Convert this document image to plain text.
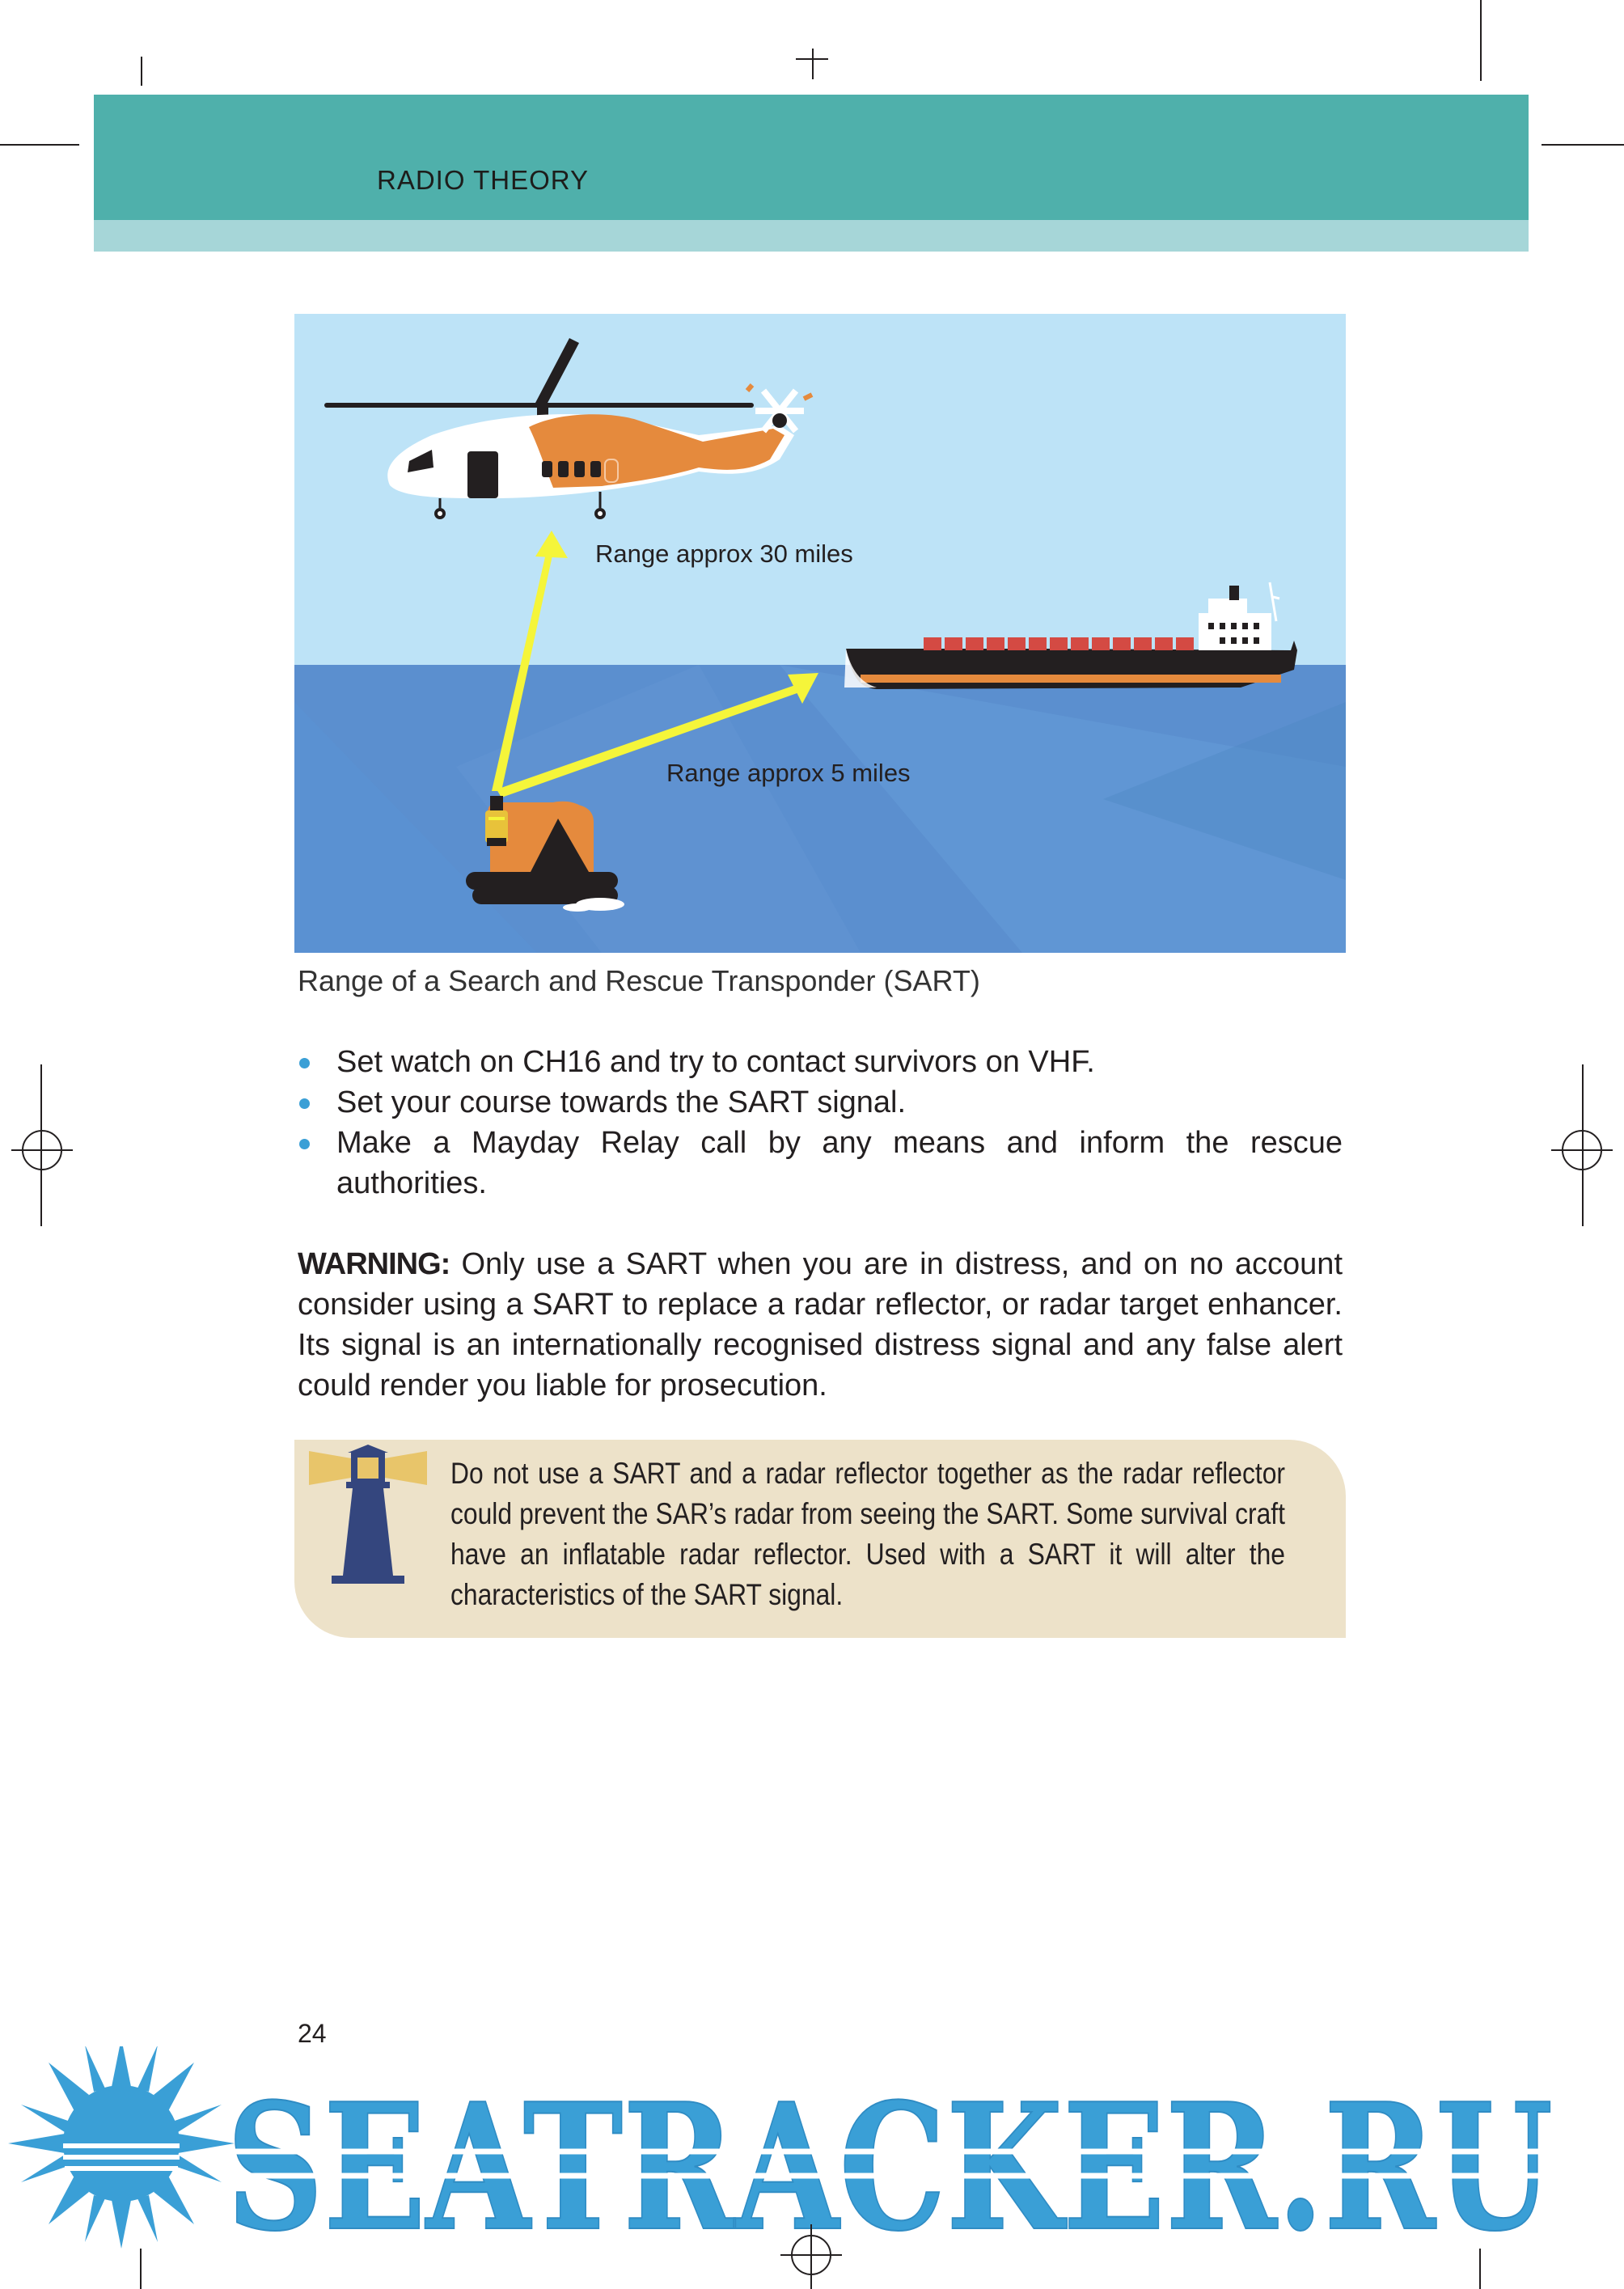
RADIO THEORY
Range approx 30 miles
Range approx 5 miles
Range of a Search and Rescue Transponder (SART)
Set watch on CH16 and try to contact survivors on VHF.
Set your course towards the SART signal.
Make a Mayday Relay call by any means and inform the rescue authorities.

WARNING: Only use a SART when you are in distress, and on no account consider using a SART to replace a radar reflector, or radar target enhancer. Its signal is an internationally recognised distress signal and any false alert could render you liable for prosecution.

Do not use a SART and a radar reflector together as the radar reflector could prevent the SAR’s radar from seeing the SART. Some survival craft have an inflatable radar reflector. Used with a SART it will alter the characteristics of the SART signal.

24
SEATRACKER.RU
